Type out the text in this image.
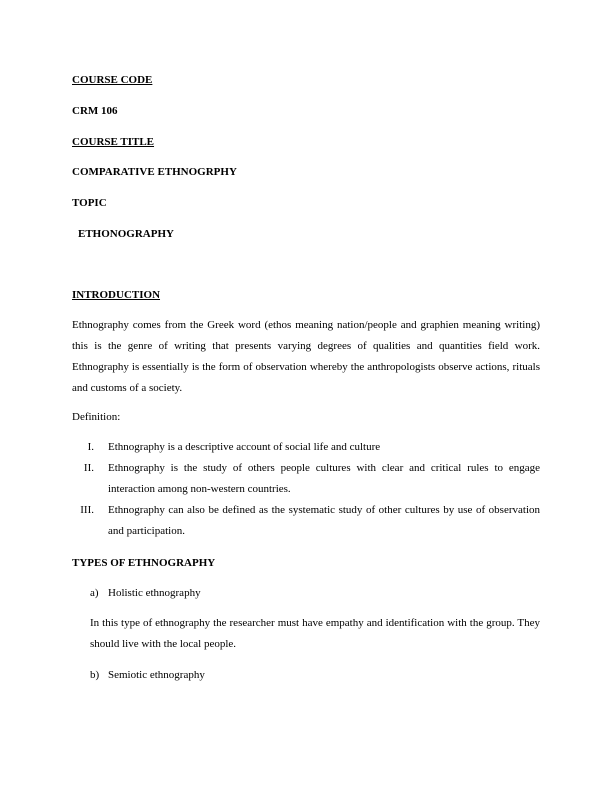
COURSE CODE
CRM 106
COURSE TITLE
COMPARATIVE ETHNOGRPHY
TOPIC
ETHONOGRAPHY
INTRODUCTION
Ethnography comes from the Greek word (ethos meaning nation/people and graphien meaning writing) this is the genre of writing that presents varying degrees of qualities and quantities field work. Ethnography is essentially is the form of observation whereby the anthropologists observe actions, rituals and customs of a society.
Definition:
I. Ethnography is a descriptive account of social life and culture
II. Ethnography is the study of others people cultures with clear and critical rules to engage interaction among non-western countries.
III. Ethnography can also be defined as the systematic study of other cultures by use of observation and participation.
TYPES OF ETHNOGRAPHY
a) Holistic ethnography
In this type of ethnography the researcher must have empathy and identification with the group. They should live with the local people.
b) Semiotic ethnography
